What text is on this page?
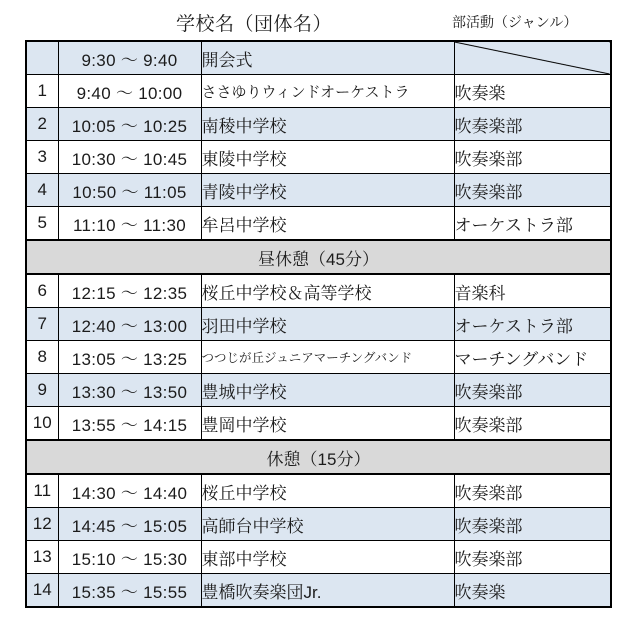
学校名（団体名）	部活動（ジャンル）
	9:30 ～ 9:40	開会式	
1	9:40 ～ 10:00	ささゆりウィンドオーケストラ	吹奏楽
2	10:05 ～ 10:25	南稜中学校	吹奏楽部
3	10:30 ～ 10:45	東陵中学校	吹奏楽部
4	10:50 ～ 11:05	青陵中学校	吹奏楽部
5	11:10 ～ 11:30	牟呂中学校	オーケストラ部
昼休憩（45分）			
6	12:15 ～ 12:35	桜丘中学校＆高等学校	音楽科
7	12:40 ～ 13:00	羽田中学校	オーケストラ部
8	13:05 ～ 13:25	つつじが丘ジュニアマーチングバンド	マーチングバンド
9	13:30 ～ 13:50	豊城中学校	吹奏楽部
10	13:55 ～ 14:15	豊岡中学校	吹奏楽部
休憩（15分）			
11	14:30 ～ 14:40	桜丘中学校	吹奏楽部
12	14:45 ～ 15:05	高師台中学校	吹奏楽部
13	15:10 ～ 15:30	東部中学校	吹奏楽部
14	15:35 ～ 15:55	豊橋吹奏楽団Jr.	吹奏楽
